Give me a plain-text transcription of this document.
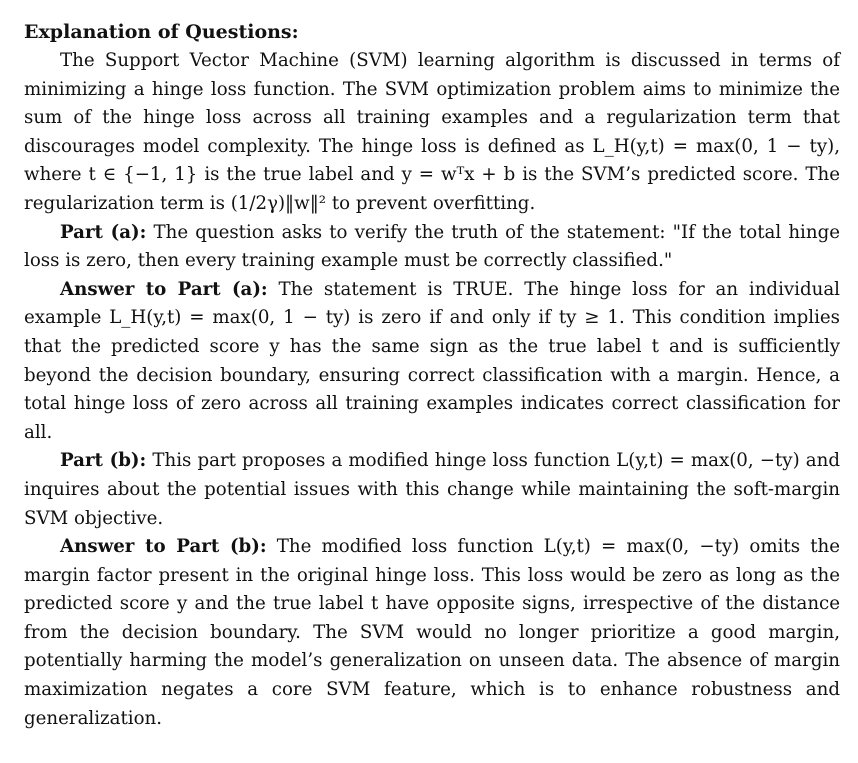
Explanation of Questions:

The Support Vector Machine (SVM) learning algorithm is discussed in terms of minimizing a hinge loss function. The SVM optimization problem aims to minimize the sum of the hinge loss across all training examples and a regularization term that discourages model complexity. The hinge loss is defined as L_H(y,t) = max(0, 1 − ty), where t ∈ {−1, 1} is the true label and y = wᵀx + b is the SVM’s predicted score. The regularization term is (1/2γ)‖w‖² to prevent overfitting.

Part (a): The question asks to verify the truth of the statement: "If the total hinge loss is zero, then every training example must be correctly classified."

Answer to Part (a): The statement is TRUE. The hinge loss for an individual example L_H(y,t) = max(0, 1 − ty) is zero if and only if ty ≥ 1. This condition implies that the predicted score y has the same sign as the true label t and is sufficiently beyond the decision boundary, ensuring correct classification with a margin. Hence, a total hinge loss of zero across all training examples indicates correct classification for all.

Part (b): This part proposes a modified hinge loss function L(y,t) = max(0, −ty) and inquires about the potential issues with this change while maintaining the soft-margin SVM objective.

Answer to Part (b): The modified loss function L(y,t) = max(0, −ty) omits the margin factor present in the original hinge loss. This loss would be zero as long as the predicted score y and the true label t have opposite signs, irrespective of the distance from the decision boundary. The SVM would no longer prioritize a good margin, potentially harming the model’s generalization on unseen data. The absence of margin maximization negates a core SVM feature, which is to enhance robustness and generalization.
